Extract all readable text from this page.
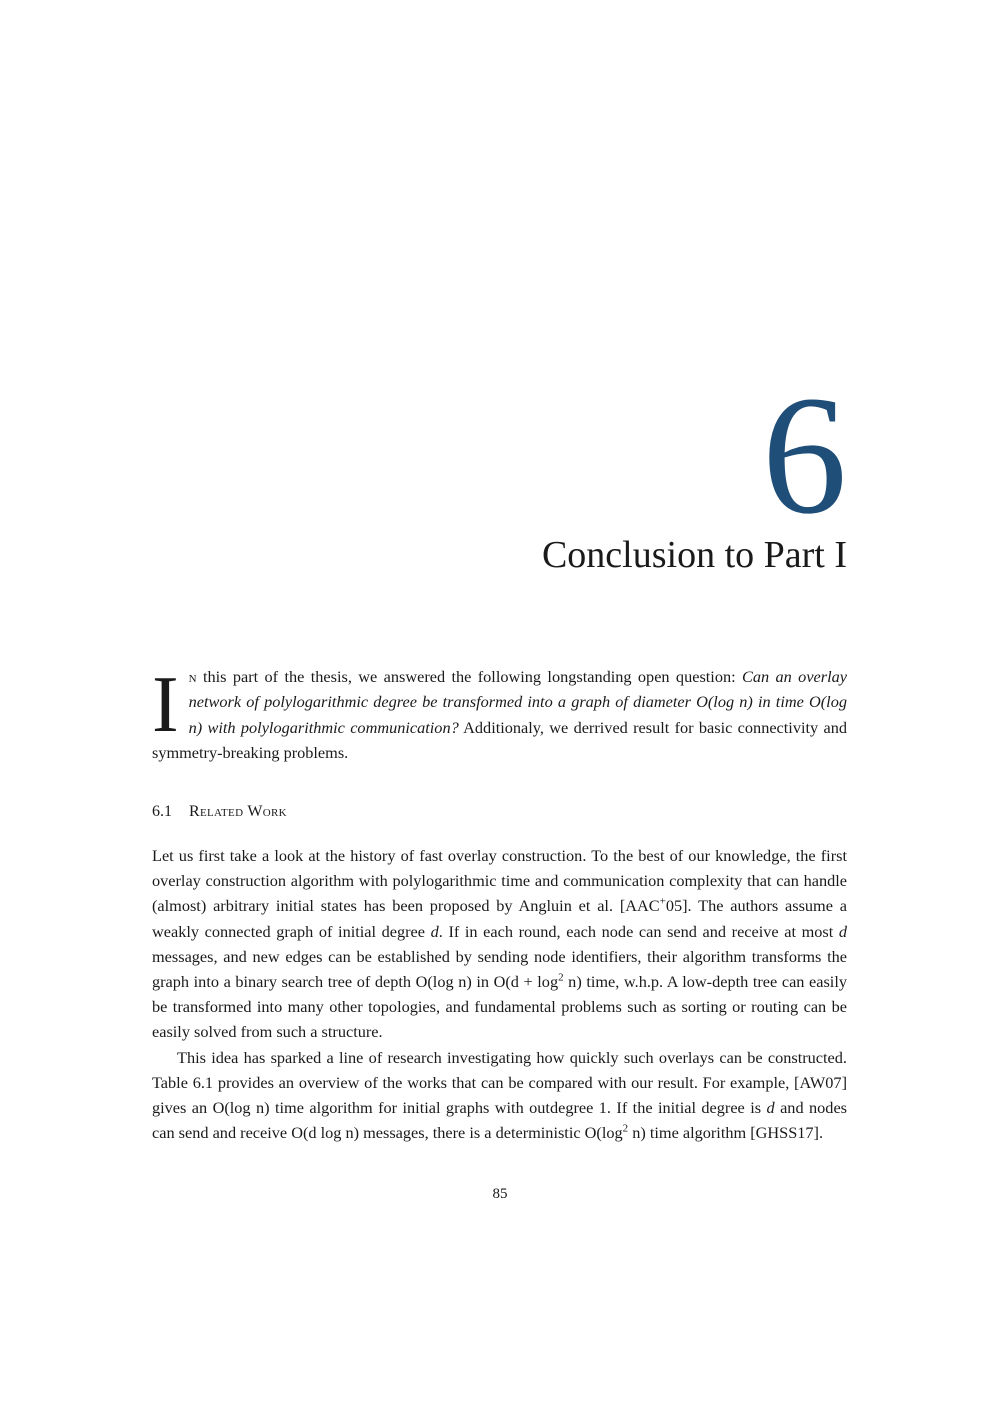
6
Conclusion to Part I
I n this part of the thesis, we answered the following longstanding open question: Can an overlay network of polylogarithmic degree be transformed into a graph of diameter O(log n) in time O(log n) with polylogarithmic communication? Additionaly, we derrived result for basic connectivity and symmetry-breaking problems.

6.1 Related Work

Let us first take a look at the history of fast overlay construction. To the best of our knowledge, the first overlay construction algorithm with polylogarithmic time and communication complexity that can handle (almost) arbitrary initial states has been proposed by Angluin et al. [AAC+05]. The authors assume a weakly connected graph of initial degree d. If in each round, each node can send and receive at most d messages, and new edges can be established by sending node identifiers, their algorithm transforms the graph into a binary search tree of depth O(log n) in $O(d + \log^2 n)$ time, w.h.p. A low-depth tree can easily be transformed into many other topologies, and fundamental problems such as sorting or routing can be easily solved from such a structure.

This idea has sparked a line of research investigating how quickly such overlays can be constructed. Table 6.1 provides an overview of the works that can be compared with our result. For example, [AW07] gives an O(log n) time algorithm for initial graphs with outdegree 1. If the initial degree is d and nodes can send and receive O(d log n) messages, there is a deterministic $O(\log^2$ n) time algorithm [GHSS17].

85
